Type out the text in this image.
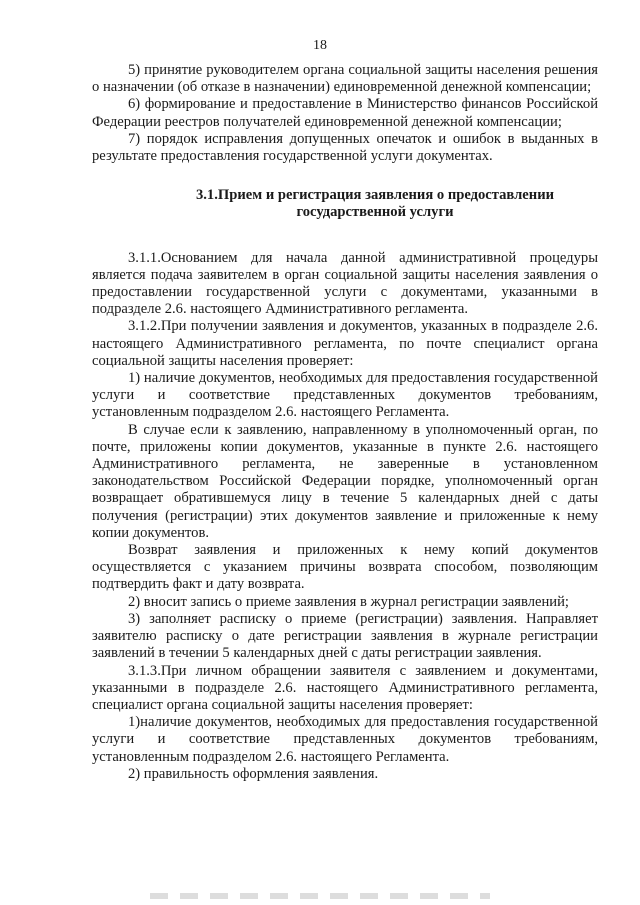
18

5) принятие руководителем органа социальной защиты населения решения о назначении (об отказе в назначении) единовременной денежной компенсации;

6) формирование и предоставление в Министерство финансов Российской Федерации реестров получателей единовременной денежной компенсации;

7) порядок исправления допущенных опечаток и ошибок в выданных в результате предоставления государственной услуги документах.

3.1.Прием и регистрация заявления о предоставлении государственной услуги

3.1.1.Основанием для начала данной административной процедуры является подача заявителем в орган социальной защиты населения заявления о предоставлении государственной услуги с документами, указанными в подразделе 2.6. настоящего Административного регламента.

3.1.2.При получении заявления и документов, указанных в подразделе 2.6. настоящего Административного регламента, по почте специалист органа социальной защиты населения проверяет:

1) наличие документов, необходимых для предоставления государственной услуги и соответствие представленных документов требованиям, установленным подразделом 2.6. настоящего Регламента.

В случае если к заявлению, направленному в уполномоченный орган, по почте, приложены копии документов, указанные в пункте 2.6. настоящего Административного регламента, не заверенные в установленном законодательством Российской Федерации порядке, уполномоченный орган возвращает обратившемуся лицу в течение 5 календарных дней с даты получения (регистрации) этих документов заявление и приложенные к нему копии документов.

Возврат заявления и приложенных к нему копий документов осуществляется с указанием причины возврата способом, позволяющим подтвердить факт и дату возврата.

2) вносит запись о приеме заявления в журнал регистрации заявлений;

3) заполняет расписку о приеме (регистрации) заявления. Направляет заявителю расписку о дате регистрации заявления в журнале регистрации заявлений в течении 5 календарных дней с даты регистрации заявления.

3.1.3.При личном обращении заявителя с заявлением и документами, указанными в подразделе 2.6. настоящего Административного регламента, специалист органа социальной защиты населения проверяет:

1)наличие документов, необходимых для предоставления государственной услуги и соответствие представленных документов требованиям, установленным подразделом 2.6. настоящего Регламента.

2) правильность оформления заявления.
